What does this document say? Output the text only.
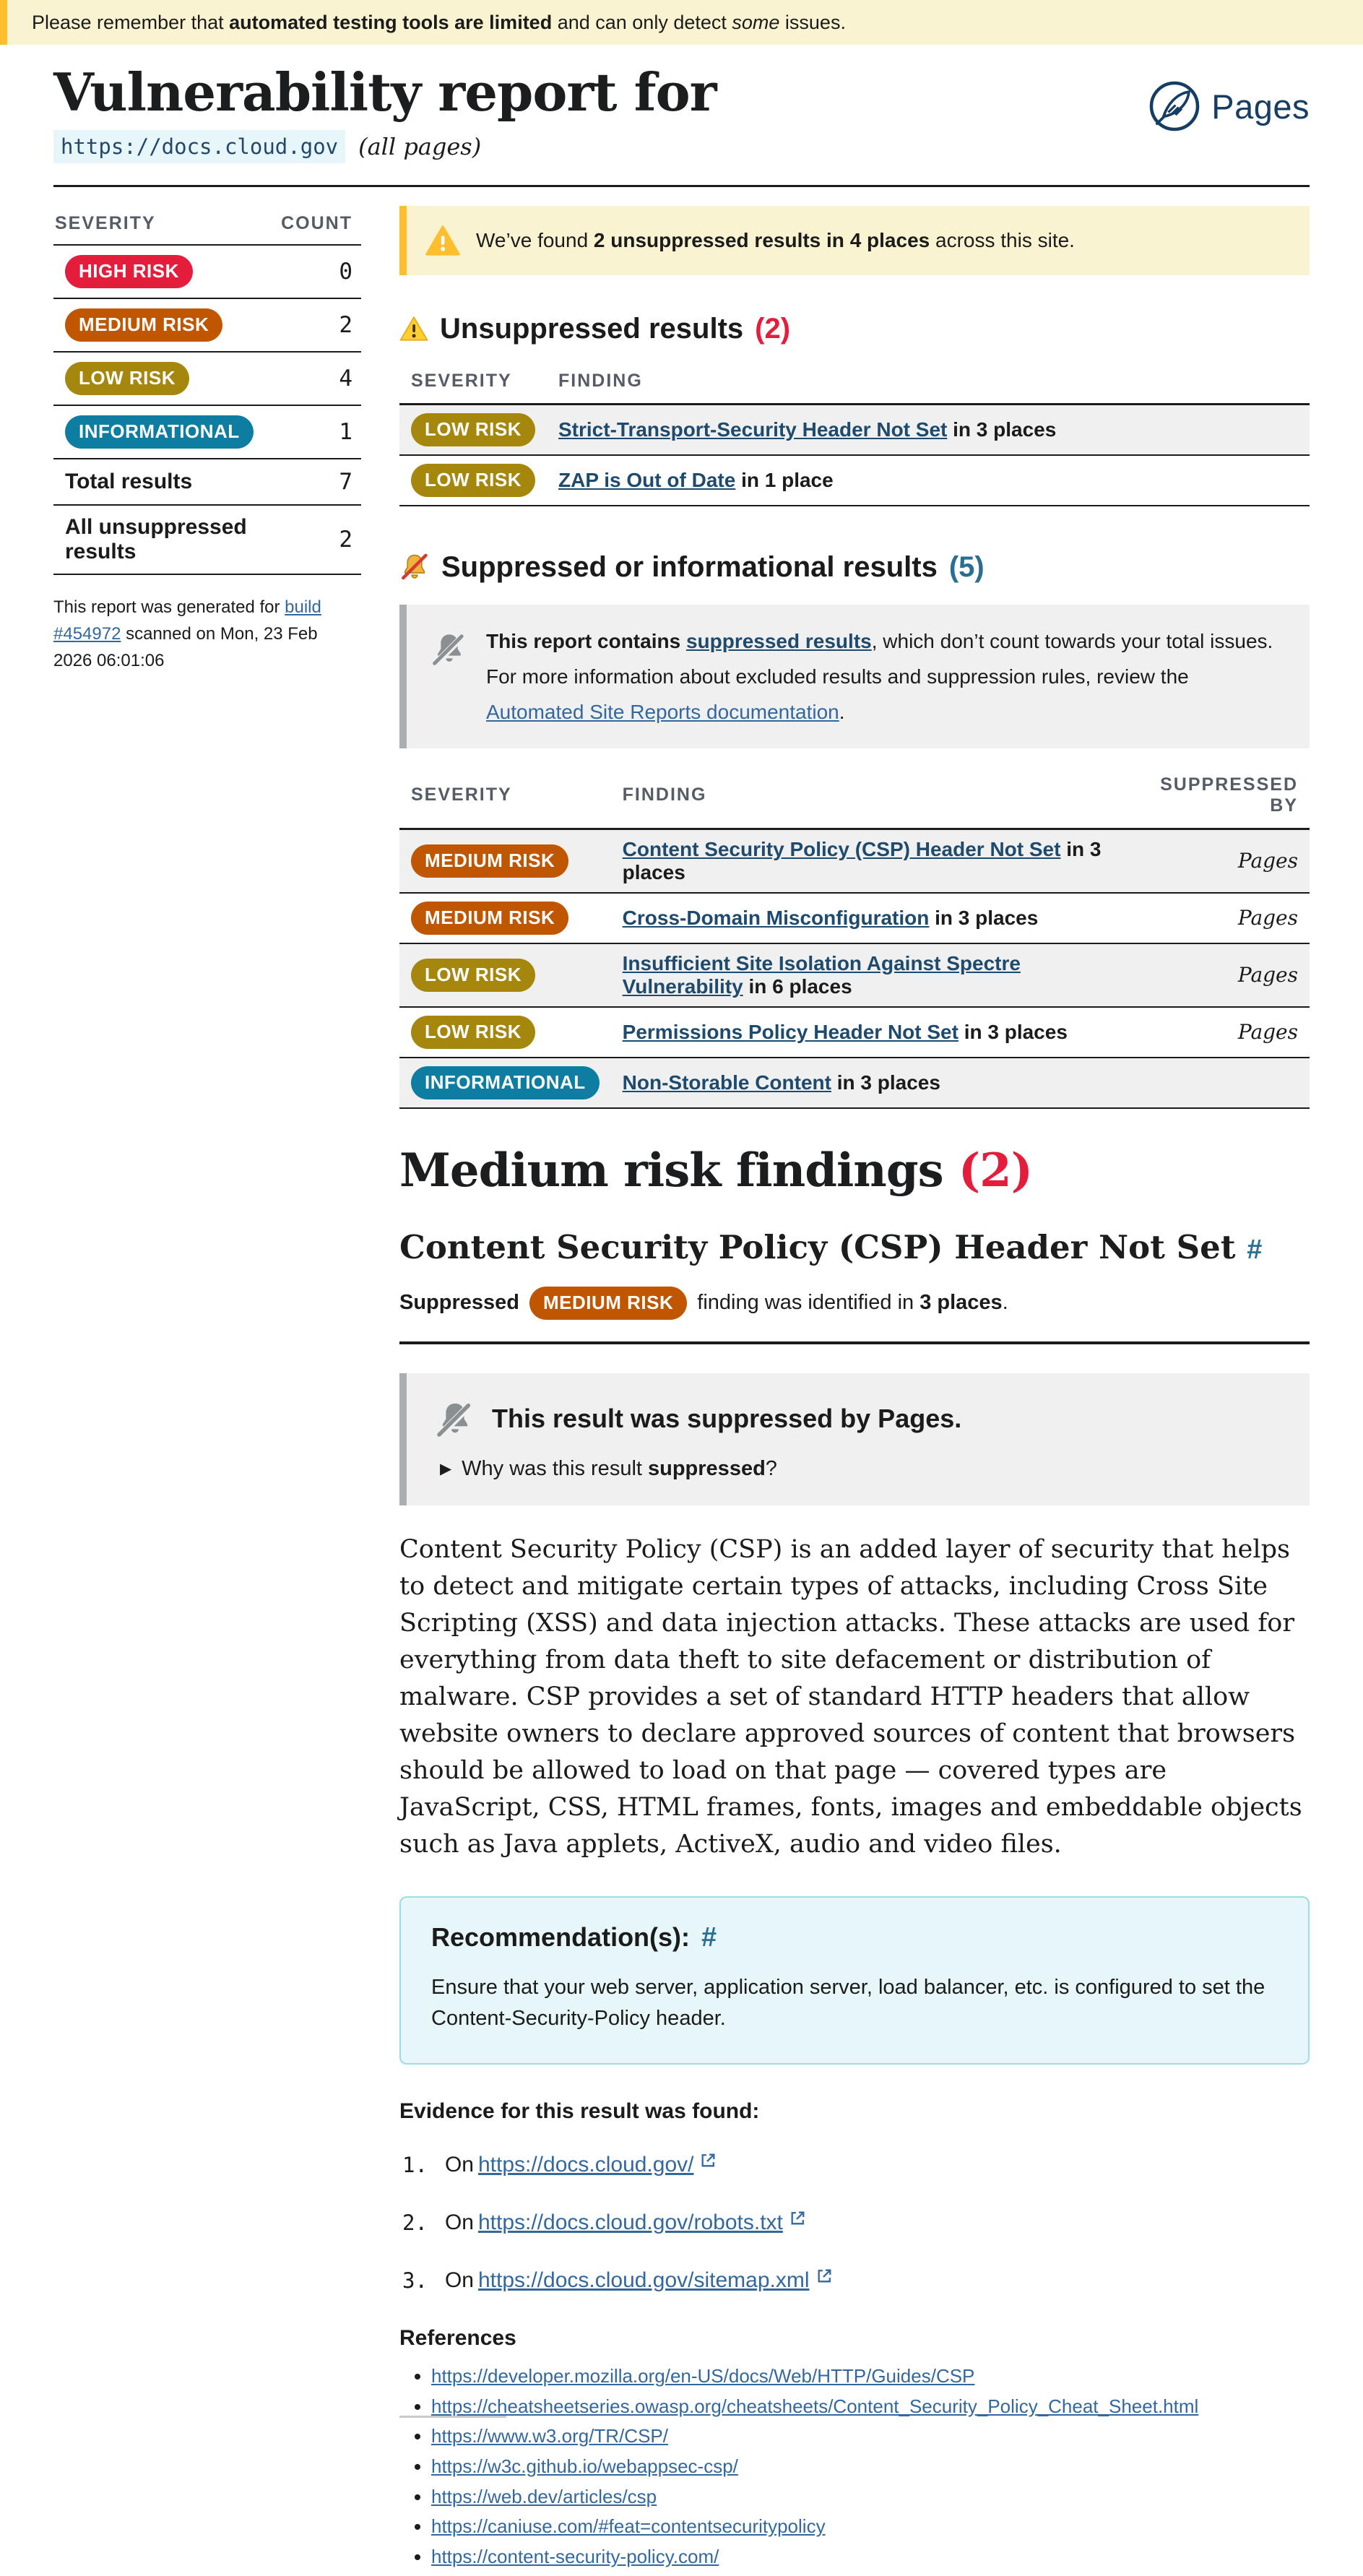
Please remember that automated testing tools are limited and can only detect some issues.
Vulnerability report for

https://docs.cloud.gov (all pages)

Pages
SEVERITY	COUNT
HIGH RISK	0
MEDIUM RISK	2
LOW RISK	4
INFORMATIONAL	1
Total results	7
All unsuppressed results	2

This report was generated for build #454972 scanned on Mon, 23 Feb 2026 06:01:06

We’ve found 2 unsuppressed results in 4 places across this site.

Unsuppressed results (2)
SEVERITY	FINDING
LOW RISK	Strict-Transport-Security Header Not Set in 3 places
LOW RISK	ZAP is Out of Date in 1 place
Suppressed or informational results (5)
This report contains suppressed results, which don’t count towards your total issues.
For more information about excluded results and suppression rules, review the Automated Site Reports documentation.
SEVERITY	FINDING	SUPPRESSED BY
MEDIUM RISK	Content Security Policy (CSP) Header Not Set in 3 places	Pages
MEDIUM RISK	Cross-Domain Misconfiguration in 3 places	Pages
LOW RISK	Insufficient Site Isolation Against Spectre Vulnerability in 6 places	Pages
LOW RISK	Permissions Policy Header Not Set in 3 places	Pages
INFORMATIONAL	Non-Storable Content in 3 places	
Medium risk findings (2)
Content Security Policy (CSP) Header Not Set #

Suppressed	MEDIUM RISK	finding was identified in 3 places.

This result was suppressed by Pages.
▶ Why was this result suppressed?

Content Security Policy (CSP) is an added layer of security that helps to detect and mitigate certain types of attacks, including Cross Site Scripting (XSS) and data injection attacks. These attacks are used for everything from data theft to site defacement or distribution of malware. CSP provides a set of standard HTTP headers that allow website owners to declare approved sources of content that browsers should be allowed to load on that page — covered types are JavaScript, CSS, HTML frames, fonts, images and embeddable objects such as Java applets, ActiveX, audio and video files.

Recommendation(s): #

Ensure that your web server, application server, load balancer, etc. is configured to set the Content-Security-Policy header.

Evidence for this result was found:

On https://docs.cloud.gov/
On https://docs.cloud.gov/robots.txt
On https://docs.cloud.gov/sitemap.xml

References

• https://developer.mozilla.org/en-US/docs/Web/HTTP/Guides/CSP
• https://cheatsheetseries.owasp.org/cheatsheets/Content_Security_Policy_Cheat_Sheet.html
• https://www.w3.org/TR/CSP/
• https://w3c.github.io/webappsec-csp/
• https://web.dev/articles/csp
• https://caniuse.com/#feat=contentsecuritypolicy
• https://content-security-policy.com/
